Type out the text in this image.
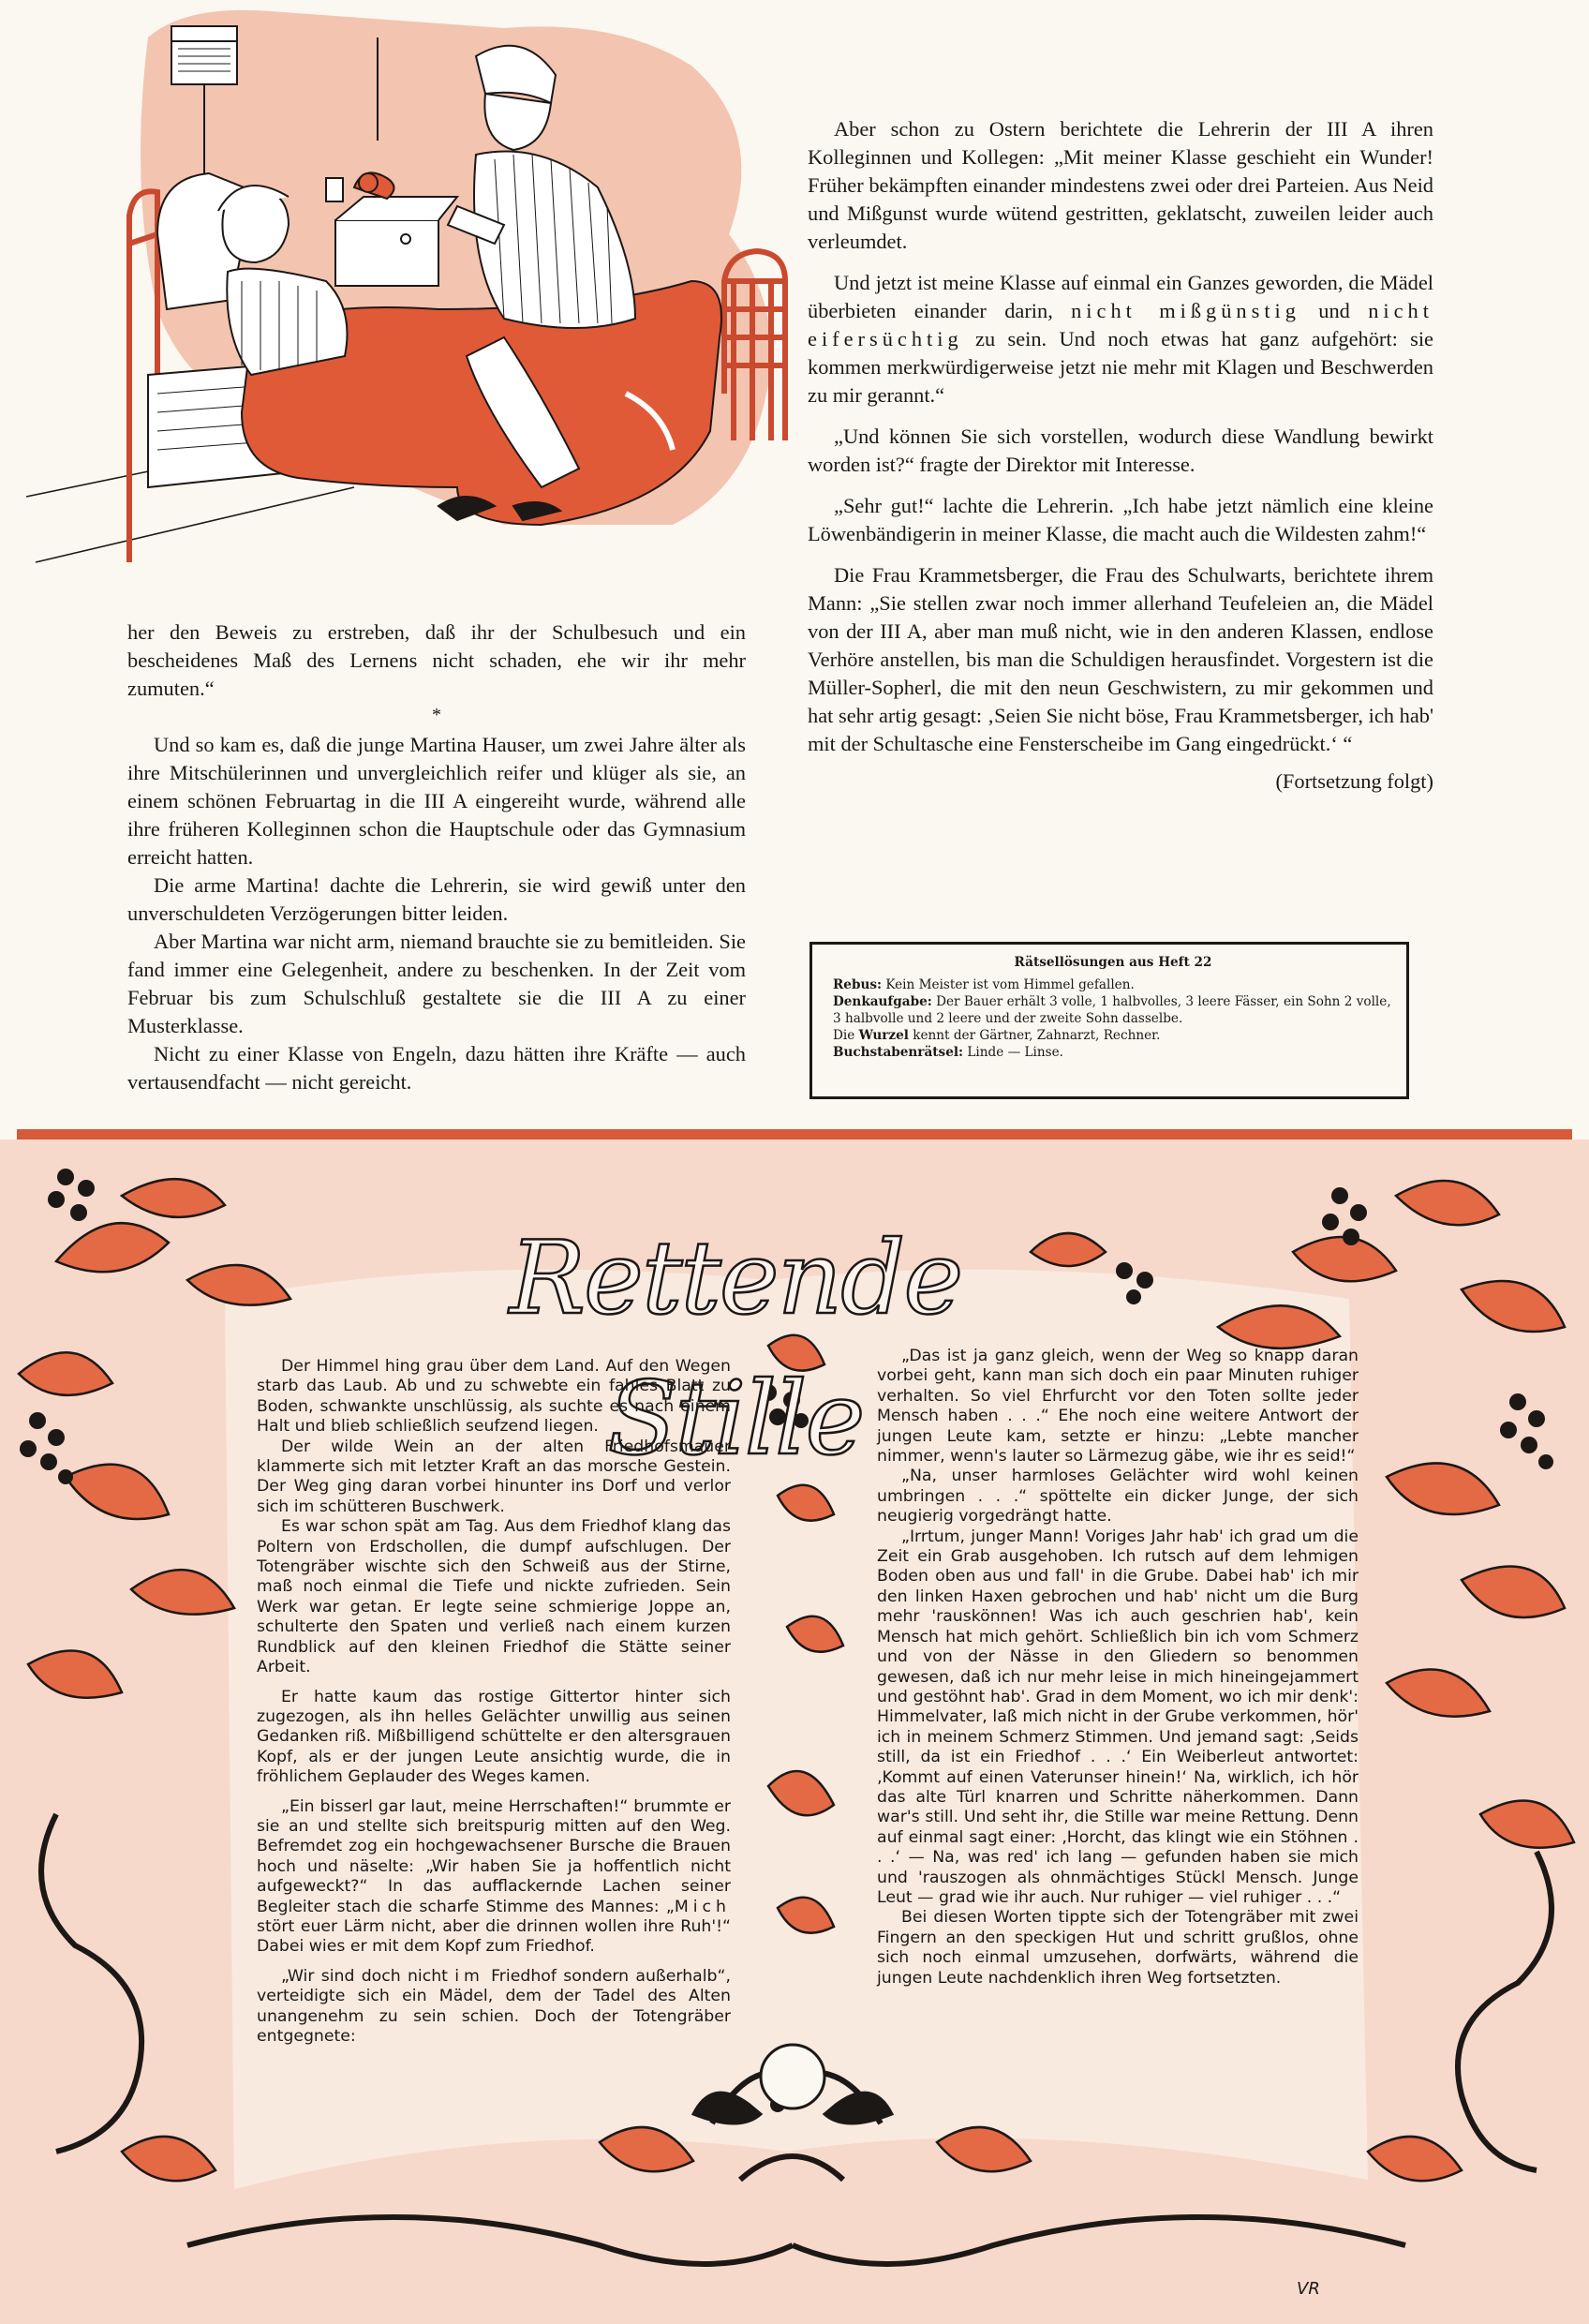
her den Beweis zu erstreben, daß ihr der Schulbesuch und ein bescheidenes Maß des Lernens nicht schaden, ehe wir ihr mehr zumuten.“

*

Und so kam es, daß die junge Martina Hauser, um zwei Jahre älter als ihre Mitschülerinnen und unvergleichlich reifer und klüger als sie, an einem schönen Februartag in die III A eingereiht wurde, während alle ihre früheren Kolleginnen schon die Hauptschule oder das Gymnasium erreicht hatten.

Die arme Martina! dachte die Lehrerin, sie wird gewiß unter den unverschuldeten Verzögerungen bitter leiden.

Aber Martina war nicht arm, niemand brauchte sie zu bemitleiden. Sie fand immer eine Gelegenheit, andere zu beschenken. In der Zeit vom Februar bis zum Schulschluß gestaltete sie die III A zu einer Musterklasse.

Nicht zu einer Klasse von Engeln, dazu hätten ihre Kräfte — auch vertausendfacht — nicht gereicht.

Aber schon zu Ostern berichtete die Lehrerin der III A ihren Kolleginnen und Kollegen: „Mit meiner Klasse geschieht ein Wunder! Früher bekämpften einander mindestens zwei oder drei Parteien. Aus Neid und Mißgunst wurde wütend gestritten, geklatscht, zuweilen leider auch verleumdet.

Und jetzt ist meine Klasse auf einmal ein Ganzes geworden, die Mädel überbieten einander darin, nicht mißgünstig und nicht eifersüchtig zu sein. Und noch etwas hat ganz aufgehört: sie kommen merkwürdigerweise jetzt nie mehr mit Klagen und Beschwerden zu mir gerannt.“

„Und können Sie sich vorstellen, wodurch diese Wandlung bewirkt worden ist?“ fragte der Direktor mit Interesse.

„Sehr gut!“ lachte die Lehrerin. „Ich habe jetzt nämlich eine kleine Löwenbändigerin in meiner Klasse, die macht auch die Wildesten zahm!“

Die Frau Krammetsberger, die Frau des Schulwarts, berichtete ihrem Mann: „Sie stellen zwar noch immer allerhand Teufeleien an, die Mädel von der III A, aber man muß nicht, wie in den anderen Klassen, endlose Verhöre anstellen, bis man die Schuldigen herausfindet. Vorgestern ist die Müller-Sopherl, die mit den neun Geschwistern, zu mir gekommen und hat sehr artig gesagt: ‚Seien Sie nicht böse, Frau Krammetsberger, ich hab' mit der Schultasche eine Fensterscheibe im Gang eingedrückt.‘ “

(Fortsetzung folgt)

Rätsellösungen aus Heft 22
Rebus: Kein Meister ist vom Himmel gefallen.
Denkaufgabe: Der Bauer erhält 3 volle, 1 halbvolles, 3 leere Fässer, ein Sohn 2 volle, 3 halbvolle und 2 leere und der zweite Sohn dasselbe.
Die Wurzel kennt der Gärtner, Zahnarzt, Rechner.
Buchstabenrätsel: Linde — Linse.
Rettende Stille

Der Himmel hing grau über dem Land. Auf den Wegen starb das Laub. Ab und zu schwebte ein fahles Blatt zu Boden, schwankte unschlüssig, als suchte es nach einem Halt und blieb schließlich seufzend liegen.

Der wilde Wein an der alten Friedhofsmauer klammerte sich mit letzter Kraft an das morsche Gestein. Der Weg ging daran vorbei hinunter ins Dorf und verlor sich im schütteren Buschwerk.

Es war schon spät am Tag. Aus dem Friedhof klang das Poltern von Erdschollen, die dumpf aufschlugen. Der Totengräber wischte sich den Schweiß aus der Stirne, maß noch einmal die Tiefe und nickte zufrieden. Sein Werk war getan. Er legte seine schmierige Joppe an, schulterte den Spaten und verließ nach einem kurzen Rundblick auf den kleinen Friedhof die Stätte seiner Arbeit.

Er hatte kaum das rostige Gittertor hinter sich zugezogen, als ihn helles Gelächter unwillig aus seinen Gedanken riß. Mißbilligend schüttelte er den altersgrauen Kopf, als er der jungen Leute ansichtig wurde, die in fröhlichem Geplauder des Weges kamen.

„Ein bisserl gar laut, meine Herrschaften!“ brummte er sie an und stellte sich breitspurig mitten auf den Weg. Befremdet zog ein hochgewachsener Bursche die Brauen hoch und näselte: „Wir haben Sie ja hoffentlich nicht aufgeweckt?“ In das aufflackernde Lachen seiner Begleiter stach die scharfe Stimme des Mannes: „Mich stört euer Lärm nicht, aber die drinnen wollen ihre Ruh'!“ Dabei wies er mit dem Kopf zum Friedhof.

„Wir sind doch nicht im Friedhof sondern außerhalb“, verteidigte sich ein Mädel, dem der Tadel des Alten unangenehm zu sein schien. Doch der Totengräber entgegnete:

„Das ist ja ganz gleich, wenn der Weg so knapp daran vorbei geht, kann man sich doch ein paar Minuten ruhiger verhalten. So viel Ehrfurcht vor den Toten sollte jeder Mensch haben . . .“ Ehe noch eine weitere Antwort der jungen Leute kam, setzte er hinzu: „Lebte mancher nimmer, wenn's lauter so Lärmezug gäbe, wie ihr es seid!“

„Na, unser harmloses Gelächter wird wohl keinen umbringen . . .“ spöttelte ein dicker Junge, der sich neugierig vorgedrängt hatte.

„Irrtum, junger Mann! Voriges Jahr hab' ich grad um die Zeit ein Grab ausgehoben. Ich rutsch auf dem lehmigen Boden oben aus und fall' in die Grube. Dabei hab' ich mir den linken Haxen gebrochen und hab' nicht um die Burg mehr 'rauskönnen! Was ich auch geschrien hab', kein Mensch hat mich gehört. Schließlich bin ich vom Schmerz und von der Nässe in den Gliedern so benommen gewesen, daß ich nur mehr leise in mich hineingejammert und gestöhnt hab'. Grad in dem Moment, wo ich mir denk': Himmelvater, laß mich nicht in der Grube verkommen, hör' ich in meinem Schmerz Stimmen. Und jemand sagt: ‚Seids still, da ist ein Friedhof . . .‘ Ein Weiberleut antwortet: ‚Kommt auf einen Vaterunser hinein!‘ Na, wirklich, ich hör das alte Türl knarren und Schritte näherkommen. Dann war's still. Und seht ihr, die Stille war meine Rettung. Denn auf einmal sagt einer: ‚Horcht, das klingt wie ein Stöhnen . . .‘ — Na, was red' ich lang — gefunden haben sie mich und 'rauszogen als ohnmächtiges Stückl Mensch. Junge Leut — grad wie ihr auch. Nur ruhiger — viel ruhiger . . .“

Bei diesen Worten tippte sich der Totengräber mit zwei Fingern an den speckigen Hut und schritt grußlos, ohne sich noch einmal umzusehen, dorfwärts, während die jungen Leute nachdenklich ihren Weg fortsetzten.

VR
